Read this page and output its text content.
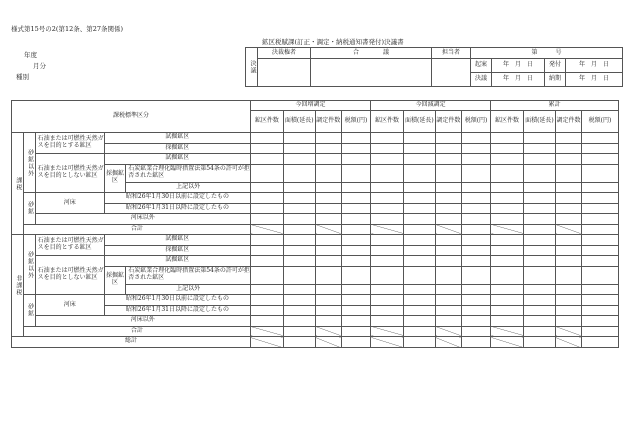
様式第15号の2(第12条、第27条関係)
鉱区税賦課(訂正・調定・納税通知書発付)決議書
年度
月分
種別
決議	決裁権者	合　　　　議	担当者	第　　　号			
				起案	年　月　日	発付	年　月　日
				決議	年　月　日	納期	年　月　日
課税標準区分					今回増調定				今回減調定				累計			
					鉱区件数	面積(延長)	調定件数	税額(円)	鉱区件数	面積(延長)	調定件数	税額(円)	鉱区件数	面積(延長)	調定件数	税額(円)
課税	砂鉱以外	石油または可燃性天然ガスを目的とする鉱区	試掘鉱区													
			採掘鉱区													
		石油または可燃性天然ガスを目的としない鉱区	試掘鉱区													
			採掘鉱区	石炭鉱業合理化臨時措置法第54条の許可が拒否された鉱区												
				上記以外												
	砂鉱	河床	昭和26年1月30日以前に設定したもの													
			昭和26年1月31日以降に設定したもの													
		河床以外														
	合計															
非課税	砂鉱以外	石油または可燃性天然ガスを目的とする鉱区	試掘鉱区													
			採掘鉱区													
		石油または可燃性天然ガスを目的としない鉱区	試掘鉱区													
			採掘鉱区	石炭鉱業合理化臨時措置法第54条の許可が拒否された鉱区												
				上記以外												
	砂鉱	河床	昭和26年1月30日以前に設定したもの													
			昭和26年1月31日以降に設定したもの													
		河床以外														
	合計															
総計																
